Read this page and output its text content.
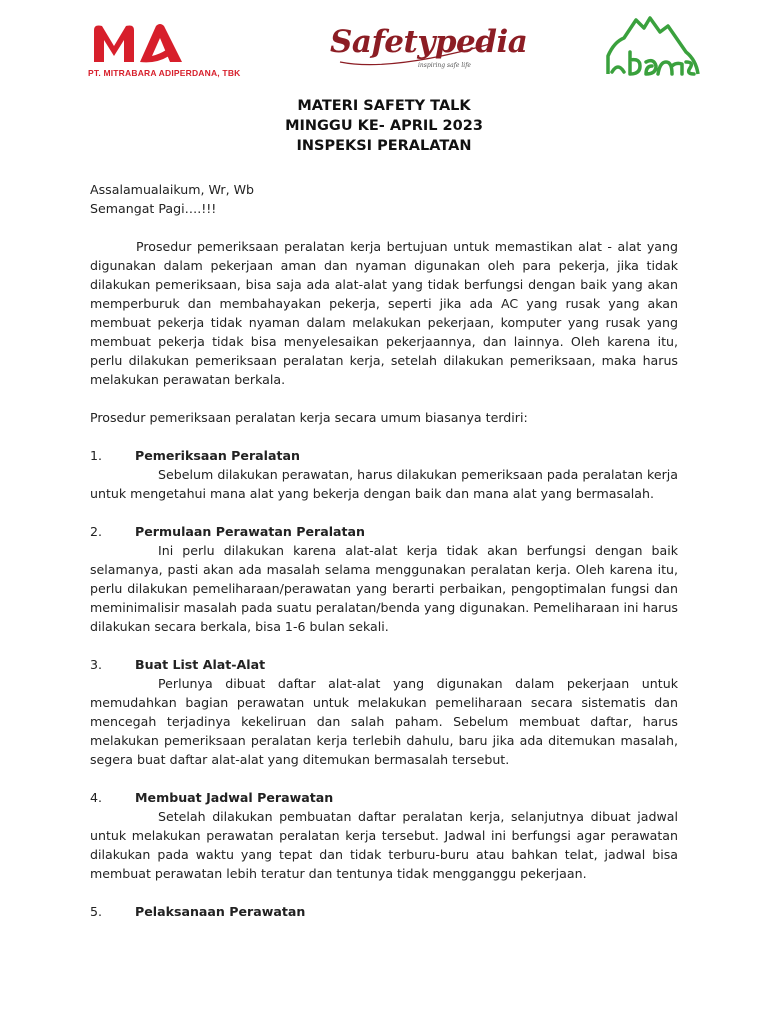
PT. MITRABARA ADIPERDANA, TBK
Safetypedia
inspiring safe life
MATERI SAFETY TALK
MINGGU KE- APRIL 2023
INSPEKSI PERALATAN

Assalamualaikum, Wr, Wb

Semangat Pagi….!!!

Prosedur pemeriksaan peralatan kerja bertujuan untuk memastikan alat - alat yang digunakan dalam pekerjaan aman dan nyaman digunakan oleh para pekerja, jika tidak dilakukan pemeriksaan, bisa saja ada alat-alat yang tidak berfungsi dengan baik yang akan memperburuk dan membahayakan pekerja, seperti jika ada AC yang rusak yang akan membuat pekerja tidak nyaman dalam melakukan pekerjaan, komputer yang rusak yang membuat pekerja tidak bisa menyelesaikan pekerjaannya, dan lainnya. Oleh karena itu, perlu dilakukan pemeriksaan peralatan kerja, setelah dilakukan pemeriksaan, maka harus melakukan perawatan berkala.

Prosedur pemeriksaan peralatan kerja secara umum biasanya terdiri:

1.	Pemeriksaan Peralatan

Sebelum dilakukan perawatan, harus dilakukan pemeriksaan pada peralatan kerja untuk mengetahui mana alat yang bekerja dengan baik dan mana alat yang bermasalah.

2.	Permulaan Perawatan Peralatan

Ini perlu dilakukan karena alat-alat kerja tidak akan berfungsi dengan baik selamanya, pasti akan ada masalah selama menggunakan peralatan kerja. Oleh karena itu, perlu dilakukan pemeliharaan/perawatan yang berarti perbaikan, pengoptimalan fungsi dan meminimalisir masalah pada suatu peralatan/benda yang digunakan. Pemeliharaan ini harus dilakukan secara berkala, bisa 1-6 bulan sekali.

3.	Buat List Alat-Alat

Perlunya dibuat daftar alat-alat yang digunakan dalam pekerjaan untuk memudahkan bagian perawatan untuk melakukan pemeliharaan secara sistematis dan mencegah terjadinya kekeliruan dan salah paham. Sebelum membuat daftar, harus melakukan pemeriksaan peralatan kerja terlebih dahulu, baru jika ada ditemukan masalah, segera buat daftar alat-alat yang ditemukan bermasalah tersebut.

4.	Membuat Jadwal Perawatan

Setelah dilakukan pembuatan daftar peralatan kerja, selanjutnya dibuat jadwal untuk melakukan perawatan peralatan kerja tersebut. Jadwal ini berfungsi agar perawatan dilakukan pada waktu yang tepat dan tidak terburu-buru atau bahkan telat, jadwal bisa membuat perawatan lebih teratur dan tentunya tidak mengganggu pekerjaan.

5.	Pelaksanaan Perawatan
